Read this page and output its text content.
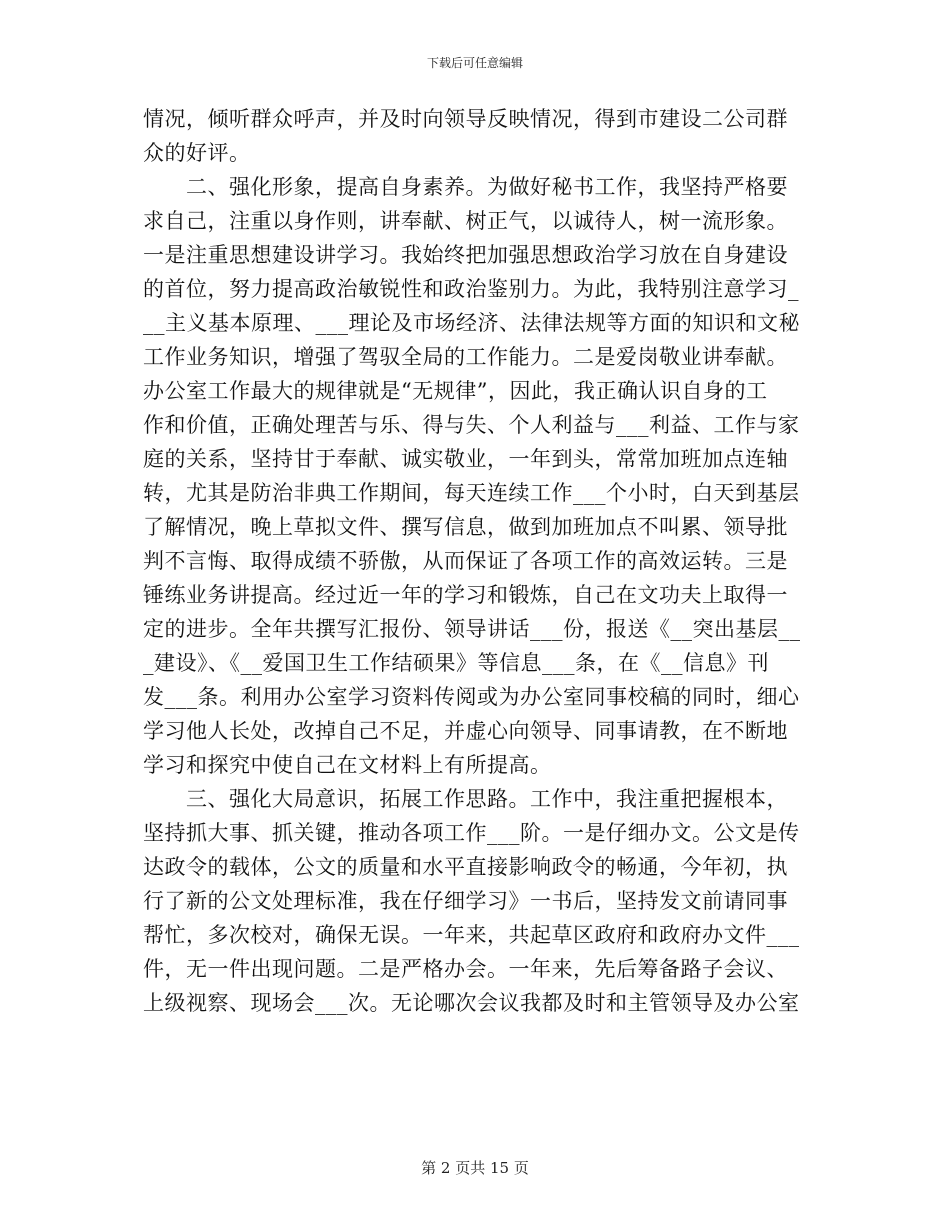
下载后可任意编辑
情况，倾听群众呼声，并及时向领导反映情况，得到市建设二公司群
众的好评。
　　二、强化形象，提高自身素养。为做好秘书工作，我坚持严格要
求自己，注重以身作则，讲奉献、树正气，以诚待人，树一流形象。
一是注重思想建设讲学习。我始终把加强思想政治学习放在自身建设
的首位，努力提高政治敏锐性和政治鉴别力。为此，我特别注意学习_
__主义基本原理、___理论及市场经济、法律法规等方面的知识和文秘
工作业务知识，增强了驾驭全局的工作能力。二是爱岗敬业讲奉献。
办公室工作最大的规律就是“无规律”，因此，我正确认识自身的工
作和价值，正确处理苦与乐、得与失、个人利益与___利益、工作与家
庭的关系，坚持甘于奉献、诚实敬业，一年到头，常常加班加点连轴
转，尤其是防治非典工作期间，每天连续工作___个小时，白天到基层
了解情况，晚上草拟文件、撰写信息，做到加班加点不叫累、领导批
判不言悔、取得成绩不骄傲，从而保证了各项工作的高效运转。三是
锤练业务讲提高。经过近一年的学习和锻炼，自己在文功夫上取得一
定的进步。全年共撰写汇报份、领导讲话___份，报送《__突出基层__
_建设》、《__爱国卫生工作结硕果》等信息___条，在《__信息》刊
发___条。利用办公室学习资料传阅或为办公室同事校稿的同时，细心
学习他人长处，改掉自己不足，并虚心向领导、同事请教，在不断地
学习和探究中使自己在文材料上有所提高。
　　三、强化大局意识，拓展工作思路。工作中，我注重把握根本，
坚持抓大事、抓关键，推动各项工作___阶。一是仔细办文。公文是传
达政令的载体，公文的质量和水平直接影响政令的畅通，今年初，执
行了新的公文处理标准，我在仔细学习》一书后，坚持发文前请同事
帮忙，多次校对，确保无误。一年来，共起草区政府和政府办文件___
件，无一件出现问题。二是严格办会。一年来，先后筹备路子会议、
上级视察、现场会___次。无论哪次会议我都及时和主管领导及办公室
第 2 页共 15 页
